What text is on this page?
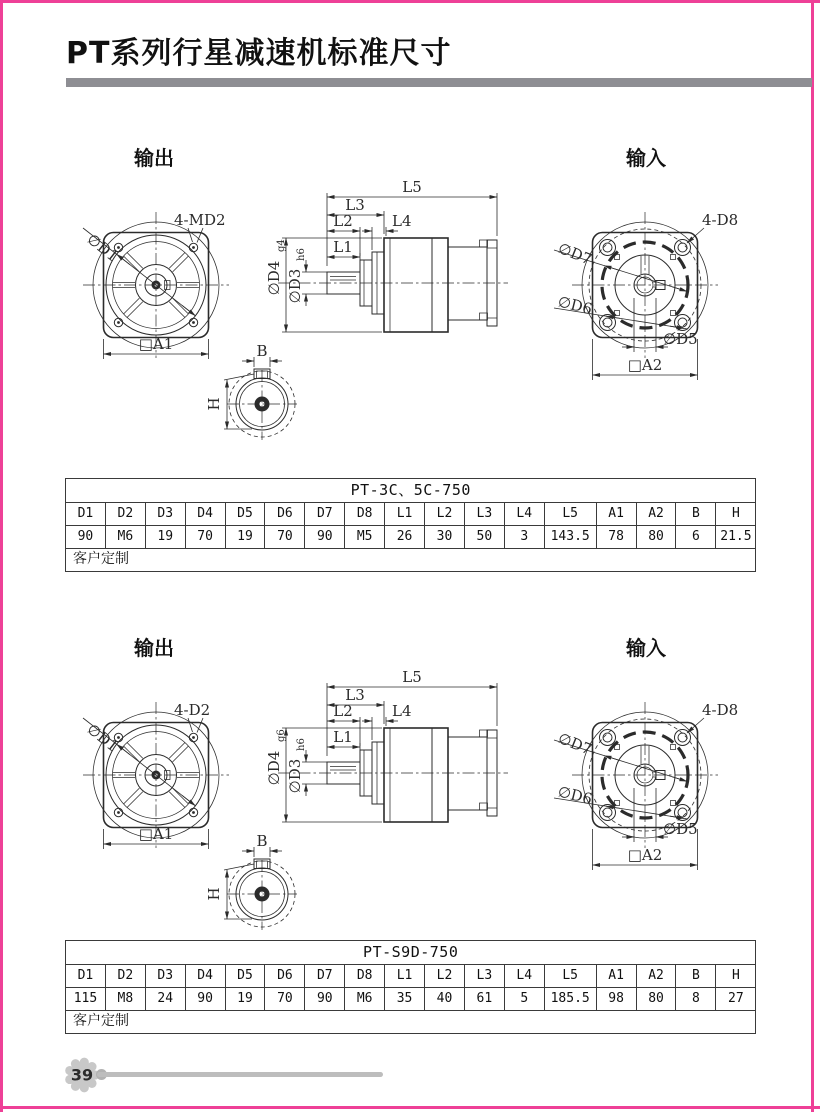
PT系列行星减速机标准尺寸
输出	输入
4-MD2
∅D1
□A1
L5
L3
L2	L4
L1
∅D4
g4
∅D3
h6
4-D8
∅D7
∅D6
∅D5
□A2
B
H
PT-3C、5C-750																
D1	D2	D3	D4	D5	D6	D7	D8	L1	L2	L3	L4	L5	A1	A2	B	H
90	M6	19	70	19	70	90	M5	26	30	50	3	143.5	78	80	6	21.5
客户定制																
输出	输入
4-D2
∅D1
□A1
L5
L3
L2	L4
L1
∅D4
g6
∅D3
h6
4-D8
∅D7
∅D6
∅D5
□A2
B
H
PT-S9D-750																
D1	D2	D3	D4	D5	D6	D7	D8	L1	L2	L3	L4	L5	A1	A2	B	H
115	M8	24	90	19	70	90	M6	35	40	61	5	185.5	98	80	8	27
客户定制																
39
